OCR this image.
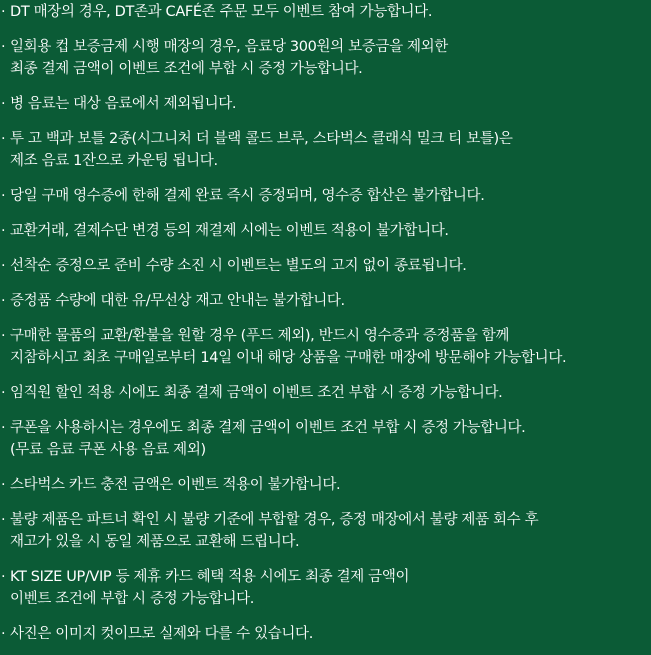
· DT 매장의 경우, DT존과 CAFÉ존 주문 모두 이벤트 참여 가능합니다.
· 일회용 컵 보증금제 시행 매장의 경우, 음료당 300원의 보증금을 제외한
최종 결제 금액이 이벤트 조건에 부합 시 증정 가능합니다.
· 병 음료는 대상 음료에서 제외됩니다.
· 투 고 백과 보틀 2종(시그니처 더 블랙 콜드 브루, 스타벅스 클래식 밀크 티 보틀)은
제조 음료 1잔으로 카운팅 됩니다.
· 당일 구매 영수증에 한해 결제 완료 즉시 증정되며, 영수증 합산은 불가합니다.
· 교환거래, 결제수단 변경 등의 재결제 시에는 이벤트 적용이 불가합니다.
· 선착순 증정으로 준비 수량 소진 시 이벤트는 별도의 고지 없이 종료됩니다.
· 증정품 수량에 대한 유/무선상 재고 안내는 불가합니다.
· 구매한 물품의 교환/환불을 원할 경우 (푸드 제외), 반드시 영수증과 증정품을 함께
지참하시고 최초 구매일로부터 14일 이내 해당 상품을 구매한 매장에 방문해야 가능합니다.
· 임직원 할인 적용 시에도 최종 결제 금액이 이벤트 조건 부합 시 증정 가능합니다.
· 쿠폰을 사용하시는 경우에도 최종 결제 금액이 이벤트 조건 부합 시 증정 가능합니다.
(무료 음료 쿠폰 사용 음료 제외)
· 스타벅스 카드 충전 금액은 이벤트 적용이 불가합니다.
· 불량 제품은 파트너 확인 시 불량 기준에 부합할 경우, 증정 매장에서 불량 제품 회수 후
재고가 있을 시 동일 제품으로 교환해 드립니다.
· KT SIZE UP/VIP 등 제휴 카드 혜택 적용 시에도 최종 결제 금액이
이벤트 조건에 부합 시 증정 가능합니다.
· 사진은 이미지 컷이므로 실제와 다를 수 있습니다.
